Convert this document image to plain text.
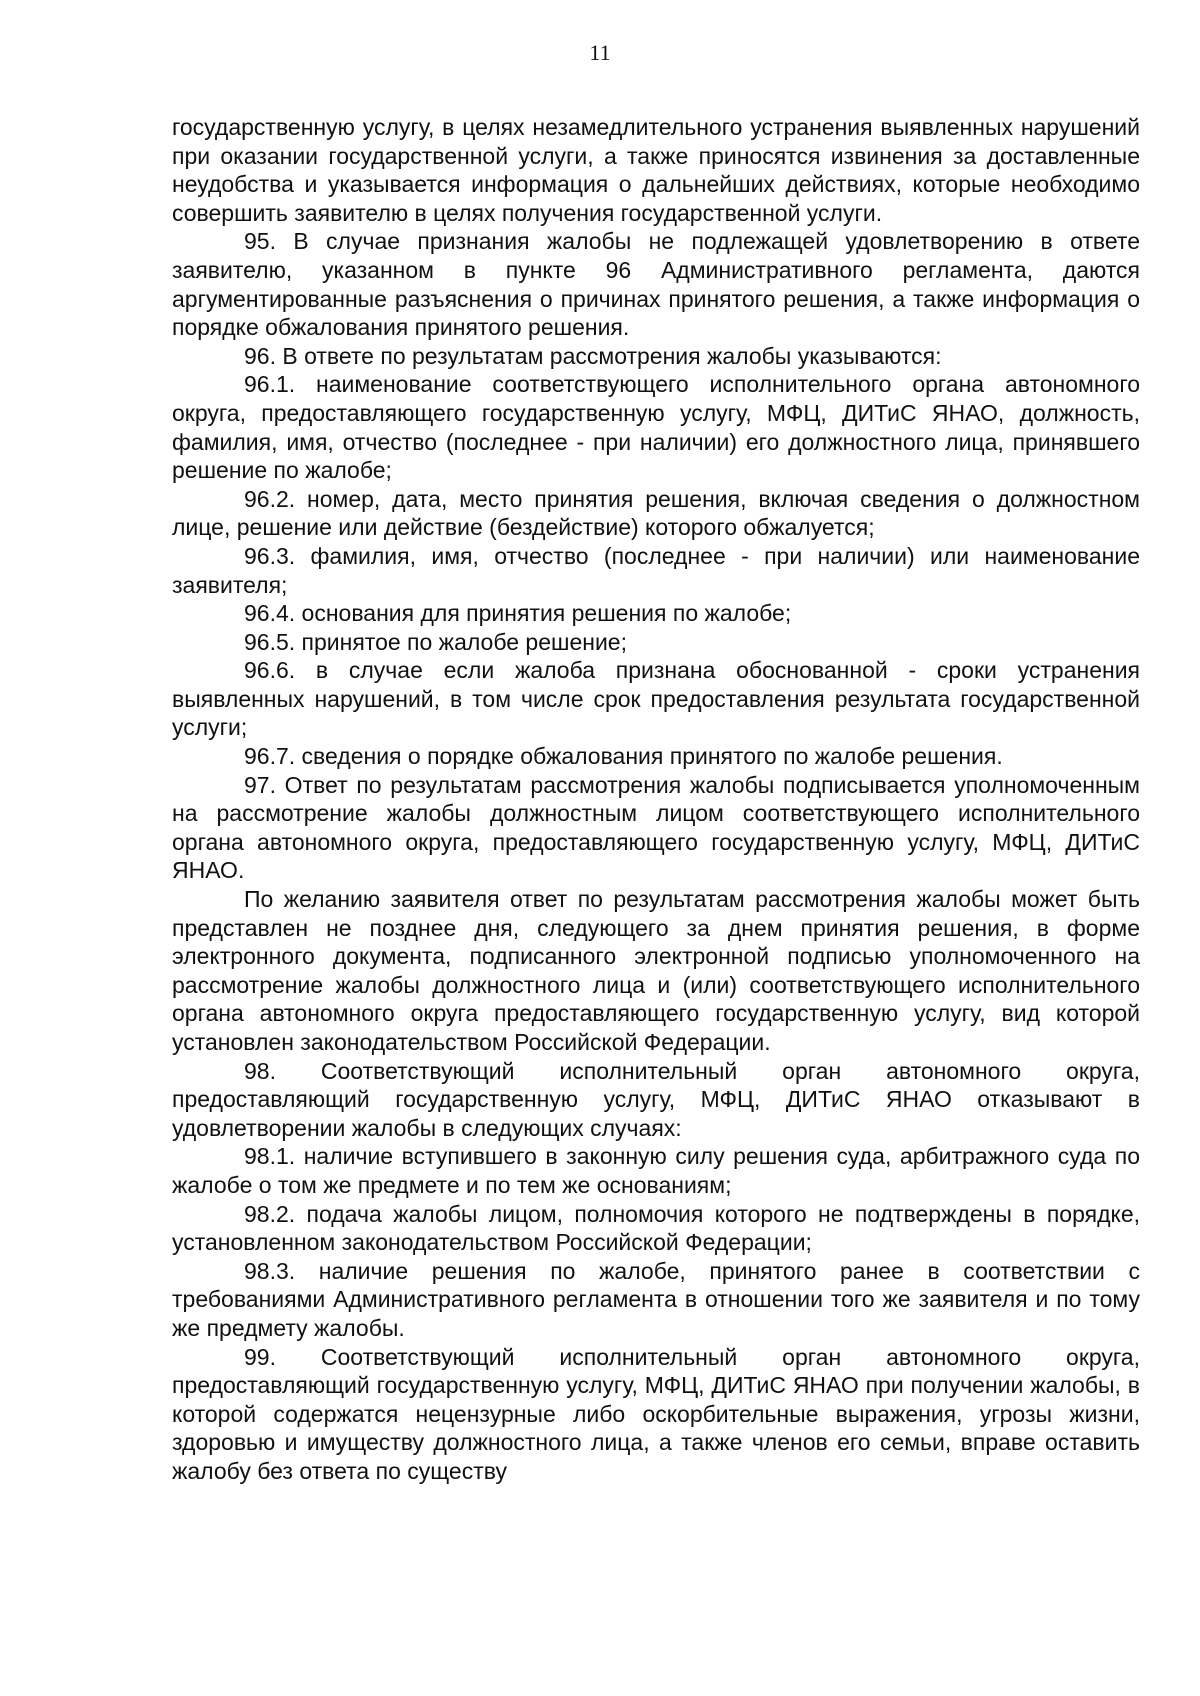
11

государственную услугу, в целях незамедлительного устранения выявленных нарушений при оказании государственной услуги, а также приносятся извинения за доставленные неудобства и указывается информация о дальнейших действиях, которые необходимо совершить заявителю в целях получения государственной услуги.

95. В случае признания жалобы не подлежащей удовлетворению в ответе заявителю, указанном в пункте 96 Административного регламента, даются аргументированные разъяснения о причинах принятого решения, а также информация о порядке обжалования принятого решения.

96. В ответе по результатам рассмотрения жалобы указываются:

96.1. наименование соответствующего исполнительного органа автономного округа, предоставляющего государственную услугу, МФЦ, ДИТиС ЯНАО, должность, фамилия, имя, отчество (последнее - при наличии) его должностного лица, принявшего решение по жалобе;

96.2. номер, дата, место принятия решения, включая сведения о должностном лице, решение или действие (бездействие) которого обжалуется;

96.3. фамилия, имя, отчество (последнее - при наличии) или наименование заявителя;

96.4. основания для принятия решения по жалобе;

96.5. принятое по жалобе решение;

96.6. в случае если жалоба признана обоснованной - сроки устранения выявленных нарушений, в том числе срок предоставления результата государственной услуги;

96.7. сведения о порядке обжалования принятого по жалобе решения.

97. Ответ по результатам рассмотрения жалобы подписывается уполномоченным на рассмотрение жалобы должностным лицом соответствующего исполнительного органа автономного округа, предоставляющего государственную услугу, МФЦ, ДИТиС ЯНАО.

По желанию заявителя ответ по результатам рассмотрения жалобы может быть представлен не позднее дня, следующего за днем принятия решения, в форме электронного документа, подписанного электронной подписью уполномоченного на рассмотрение жалобы должностного лица и (или) соответствующего исполнительного органа автономного округа предоставляющего государственную услугу, вид которой установлен законодательством Российской Федерации.

98. Соответствующий исполнительный орган автономного округа, предоставляющий государственную услугу, МФЦ, ДИТиС ЯНАО отказывают в удовлетворении жалобы в следующих случаях:

98.1. наличие вступившего в законную силу решения суда, арбитражного суда по жалобе о том же предмете и по тем же основаниям;

98.2. подача жалобы лицом, полномочия которого не подтверждены в порядке, установленном законодательством Российской Федерации;

98.3. наличие решения по жалобе, принятого ранее в соответствии с требованиями Административного регламента в отношении того же заявителя и по тому же предмету жалобы.

99. Соответствующий исполнительный орган автономного округа, предоставляющий государственную услугу, МФЦ, ДИТиС ЯНАО при получении жалобы, в которой содержатся нецензурные либо оскорбительные выражения, угрозы жизни, здоровью и имуществу должностного лица, а также членов его семьи, вправе оставить жалобу без ответа по существу
